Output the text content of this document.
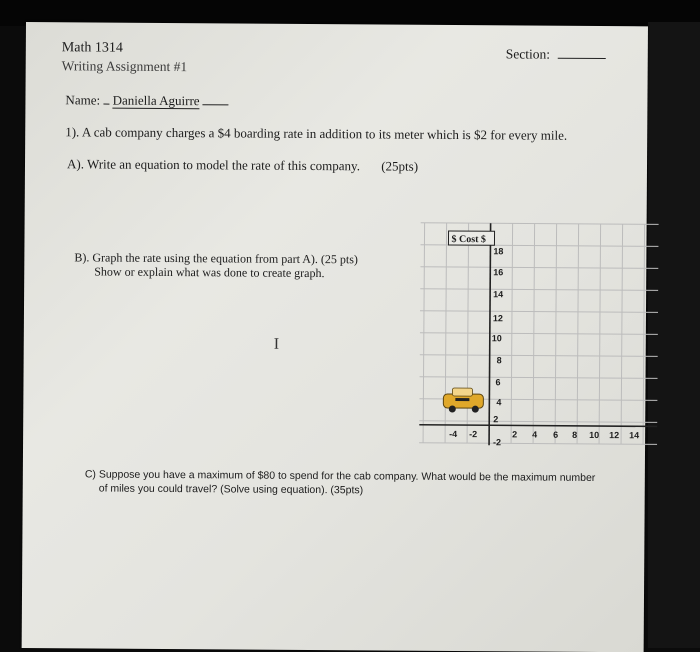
Math 1314
Writing Assignment #1
Section:
Name: Daniella Aguirre
1). A cab company charges a $4 boarding rate in addition to its meter which is $2 for every mile.
A). Write an equation to model the rate of this company. (25pts)
B). Graph the rate using the equation from part A). (25 pts)
Show or explain what was done to create graph.
I
$ Cost $
18
16
14
12
10
8
6
4
2
-2
-4 -2	2 4 6 8 10 12 14
C) Suppose you have a maximum of $80 to spend for the cab company. What would be the maximum number
of miles you could travel? (Solve using equation). (35pts)
